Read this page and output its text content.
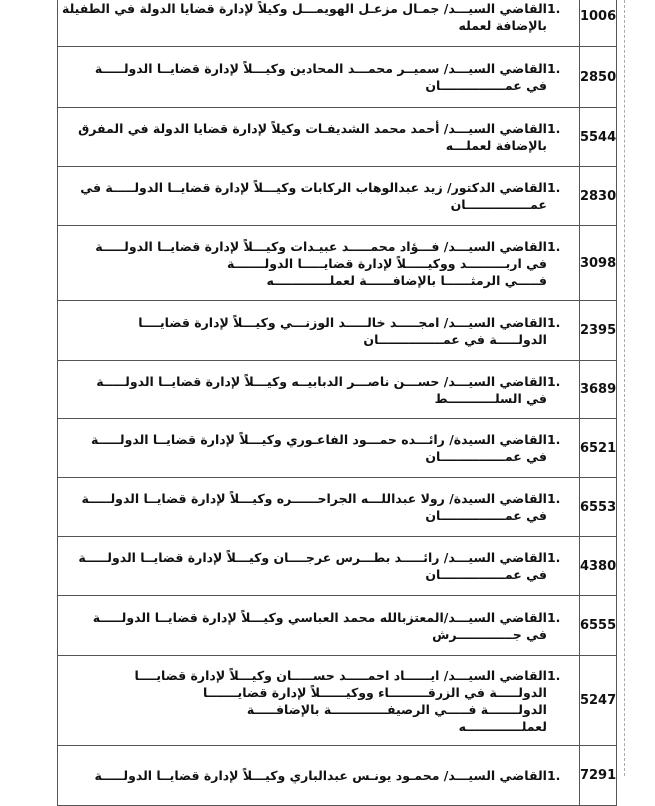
1.
القاضي السيـــد/ جمـال مزعـل الهويمـــل وكيلاً لإدارة قضايا الدولة في الطفيلة
بالإضافة لعمله	1006

1.
القاضي السيـــد/ سميــر محمـــد المحادين وكيـــلاً لإدارة قضايــا الدولـــــة
في عمـــــــــــــــان	2850

1.
القاضي السيـــد/ أحمد محمد الشديفـات وكيلاً لإدارة قضايا الدولة في المفرق
بالإضافة لعملـــه	5544

1.
القاضي الدكتور/ زيد عبدالوهاب الركابات وكيـــلاً لإدارة قضايــا الدولـــــة في
عمـــــــــــــــان	2830

1.
القاضي السيـــد/ فـــؤاد محمـــــد عبيـدات وكيـــلاً لإدارة قضايــا الدولـــــة
في اربـــــــــد ووكيـــــلاً لإدارة قضايـــــا الدولـــــــة
فـــــي الرمثــــــا بالإضافــــــة لعملـــــــــــــه	3098

1.
القاضي السيـــد/ امجـــــد خالـــــد الوزنـــي وكيـــلاً لإدارة قضايــــا
الدولـــــة في عمـــــــــــــــان	2395

1.
القاضي السيـــد/ حســـن ناصـــر الدبابيــه وكيـــلاً لإدارة قضايــا الدولـــــة
في السلـــــــــــط	3689

1.
القاضي السيدة/ رائـــده حمـــود الفاعـوري وكيـــلاً لإدارة قضايــا الدولـــــة
في عمـــــــــــــــان	6521

1.
القاضي السيدة/ رولا عبداللـــه الجراحــــــره وكيـــلاً لإدارة قضايــا الدولـــــة
في عمـــــــــــــــان	6553

1.
القاضي السيـــد/ رائـــــد بطـــرس عرجــــان وكيـــلاً لإدارة قضايــا الدولـــــة
في عمـــــــــــــــان	4380

1.
القاضي السيـــد/المعتزبالله محمد العباسي وكيـــلاً لإدارة قضايــا الدولـــــة
في جـــــــــــــرش	6555

1.
القاضي السيـــد/ ايــــــاد احمـــــد حســـــان وكيـــلاً لإدارة قضايــــا
الدولـــــة في الزرقـــــــــاء ووكيــــــلاً لإدارة قضايـــــــا
الدولـــــــة فـــــي الرصيفـــــــــــــة بالإضافـــــة
لعملـــــــــــــه	5247

1.
القاضي السيـــد/ محمـود يونـس عبدالباري وكيـــلاً لإدارة قضايــا الدولـــــة	7291
